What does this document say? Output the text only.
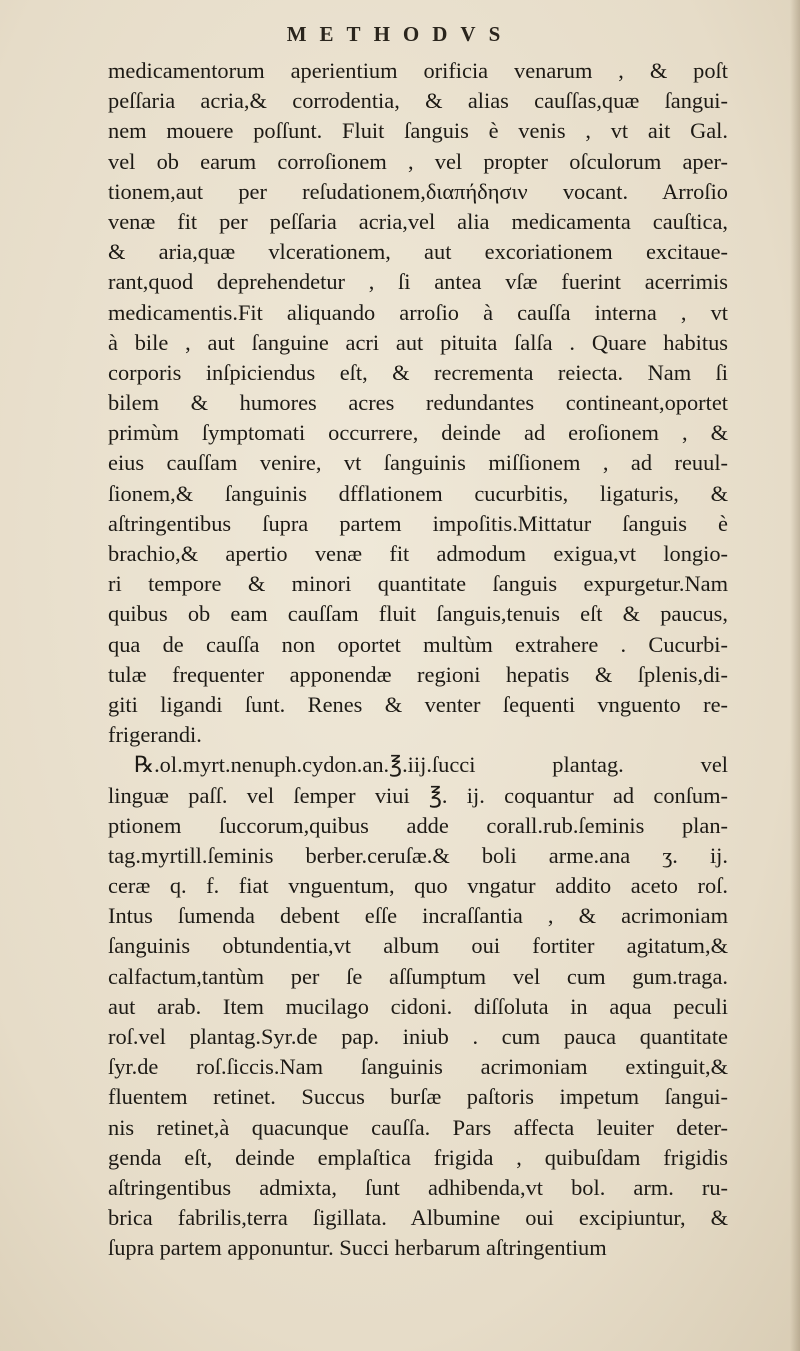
METHODVS
medicamentorum aperientium orificia venarum , & poſt
peſſaria acria,& corrodentia, & alias cauſſas,quæ ſangui-
nem mouere poſſunt. Fluit ſanguis è venis , vt ait Gal.
vel ob earum corroſionem , vel propter oſculorum aper-
tionem,aut per reſudationem,διαπήδησιν vocant. Arroſio
venæ fit per peſſaria acria,vel alia medicamenta cauſtica,
& aria,quæ vlcerationem, aut excoriationem excitaue-
rant,quod deprehendetur , ſi antea vſæ fuerint acerrimis
medicamentis.Fit aliquando arroſio à cauſſa interna , vt
à bile , aut ſanguine acri aut pituita ſalſa . Quare habitus
corporis inſpiciendus eſt, & recrementa reiecta. Nam ſi
bilem & humores acres redundantes contineant,oportet
primùm ſymptomati occurrere, deinde ad eroſionem , &
eius cauſſam venire, vt ſanguinis miſſionem , ad reuul-
ſionem,& ſanguinis dfflationem cucurbitis, ligaturis, &
aſtringentibus ſupra partem impoſitis.Mittatur ſanguis è
brachio,& apertio venæ fit admodum exigua,vt longio-
ri tempore & minori quantitate ſanguis expurgetur.Nam
quibus ob eam cauſſam fluit ſanguis,tenuis eſt & paucus,
qua de cauſſa non oportet multùm extrahere . Cucurbi-
tulæ frequenter apponendæ regioni hepatis & ſplenis,di-
giti ligandi ſunt. Renes & venter ſequenti vnguento re-
frigerandi.
℞.ol.myrt.nenuph.cydon.an.℥.iij.ſucci plantag. vel
linguæ paſſ. vel ſemper viui ℥. ij. coquantur ad conſum-
ptionem ſuccorum,quibus adde corall.rub.ſeminis plan-
tag.myrtill.ſeminis berber.ceruſæ.& boli arme.ana ʒ. ij.
ceræ q. f. fiat vnguentum, quo vngatur addito aceto roſ.
Intus ſumenda debent eſſe incraſſantia , & acrimoniam
ſanguinis obtundentia,vt album oui fortiter agitatum,&
calfactum,tantùm per ſe aſſumptum vel cum gum.traga.
aut arab. Item mucilago cidoni. diſſoluta in aqua peculi
roſ.vel plantag.Syr.de pap. iniub . cum pauca quantitate
ſyr.de roſ.ſiccis.Nam ſanguinis acrimoniam extinguit,&
fluentem retinet. Succus burſæ paſtoris impetum ſangui-
nis retinet,à quacunque cauſſa. Pars affecta leuiter deter-
genda eſt, deinde emplaſtica frigida , quibuſdam frigidis
aſtringentibus admixta, ſunt adhibenda,vt bol. arm. ru-
brica fabrilis,terra ſigillata. Albumine oui excipiuntur, &
ſupra partem apponuntur. Succi herbarum aſtringentium
